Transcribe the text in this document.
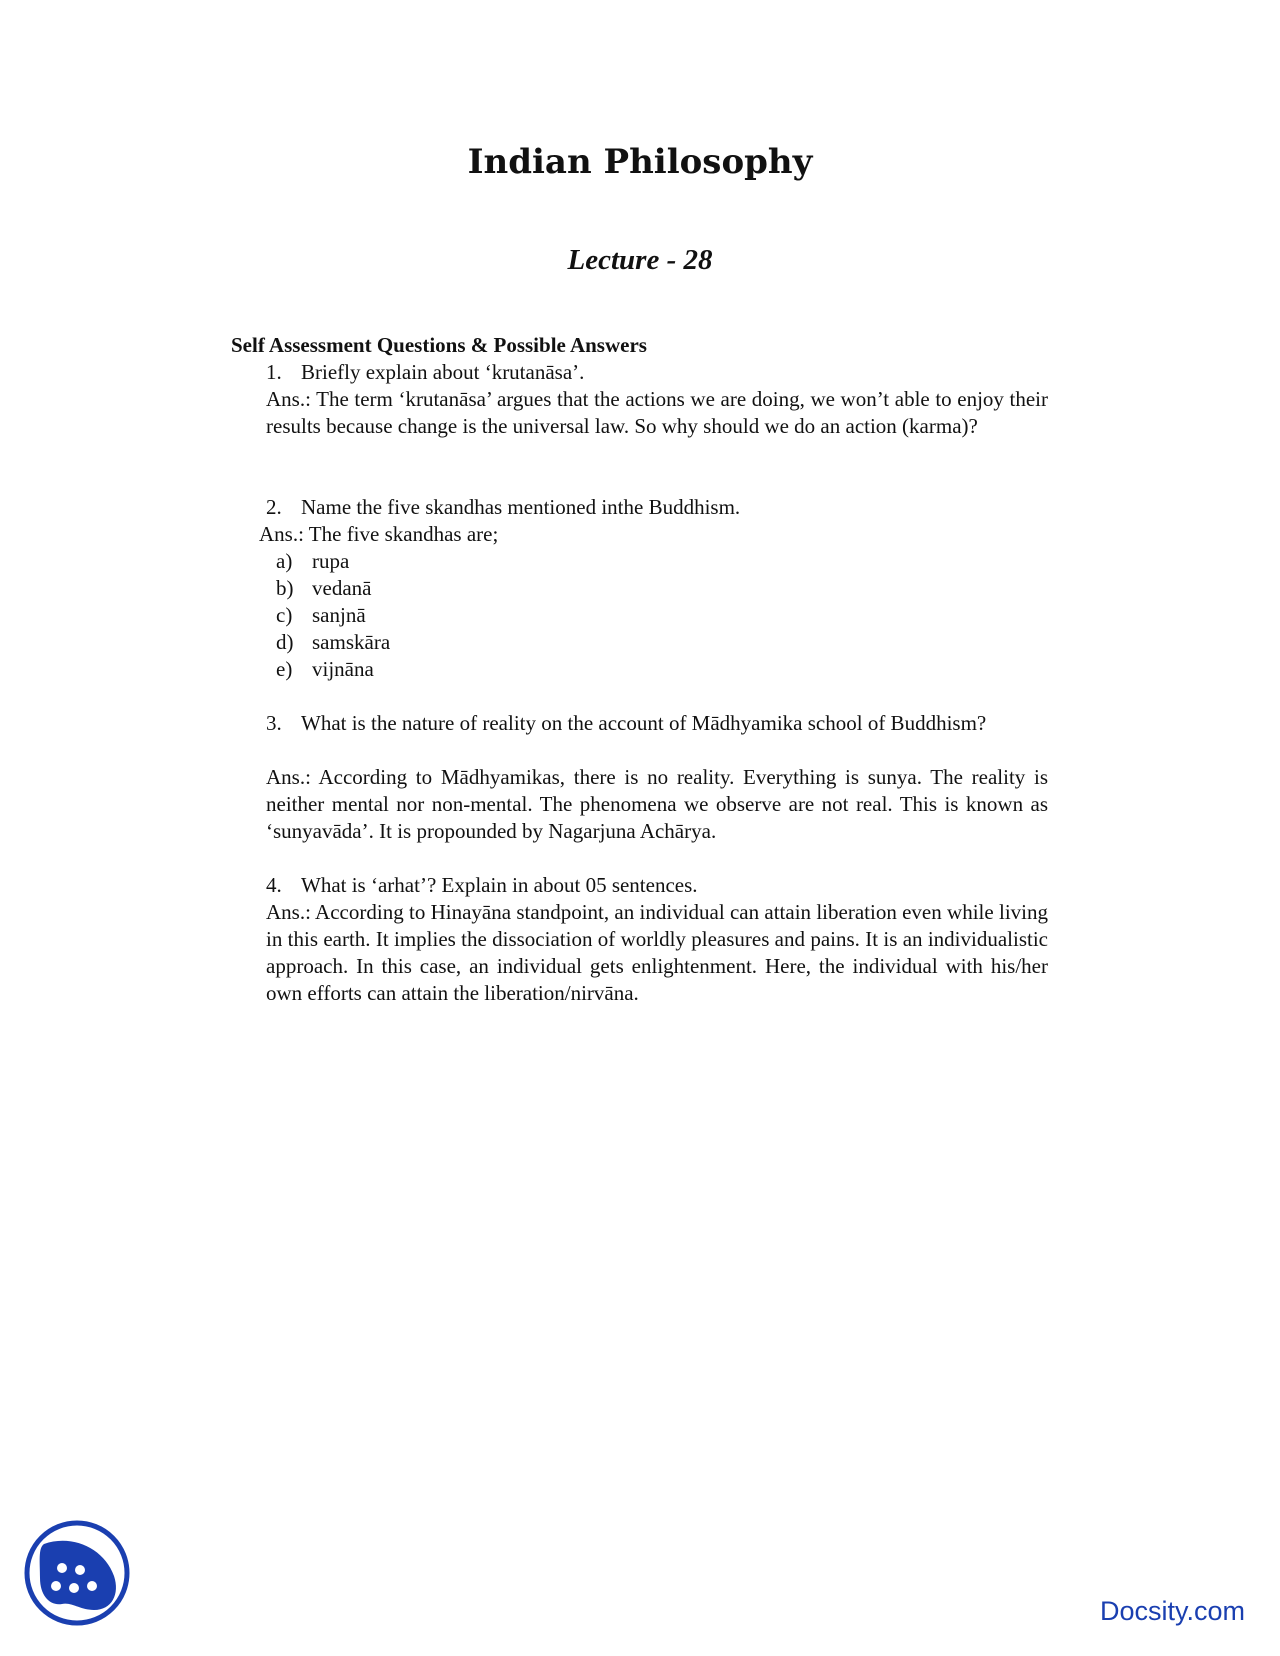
Indian Philosophy
Lecture - 28
Self Assessment Questions & Possible Answers
1. Briefly explain about ‘krutanāsa’.
Ans.: The term ‘krutanāsa’ argues that the actions we are doing, we won’t able to enjoy their results because change is the universal law. So why should we do an action (karma)?
2. Name the five skandhas mentioned inthe Buddhism.
Ans.: The five skandhas are;
a) rupa
b) vedanā
c) sanjnā
d) samskāra
e) vijnāna
3. What is the nature of reality on the account of Mādhyamika school of Buddhism?
Ans.: According to Mādhyamikas, there is no reality. Everything is sunya. The reality is neither mental nor non-mental. The phenomena we observe are not real. This is known as ‘sunyavāda’. It is propounded by Nagarjuna Achārya.
4. What is ‘arhat’? Explain in about 05 sentences.
Ans.: According to Hinayāna standpoint, an individual can attain liberation even while living in this earth. It implies the dissociation of worldly pleasures and pains. It is an individualistic approach. In this case, an individual gets enlightenment. Here, the individual with his/her own efforts can attain the liberation/nirvāna.
Docsity.com
